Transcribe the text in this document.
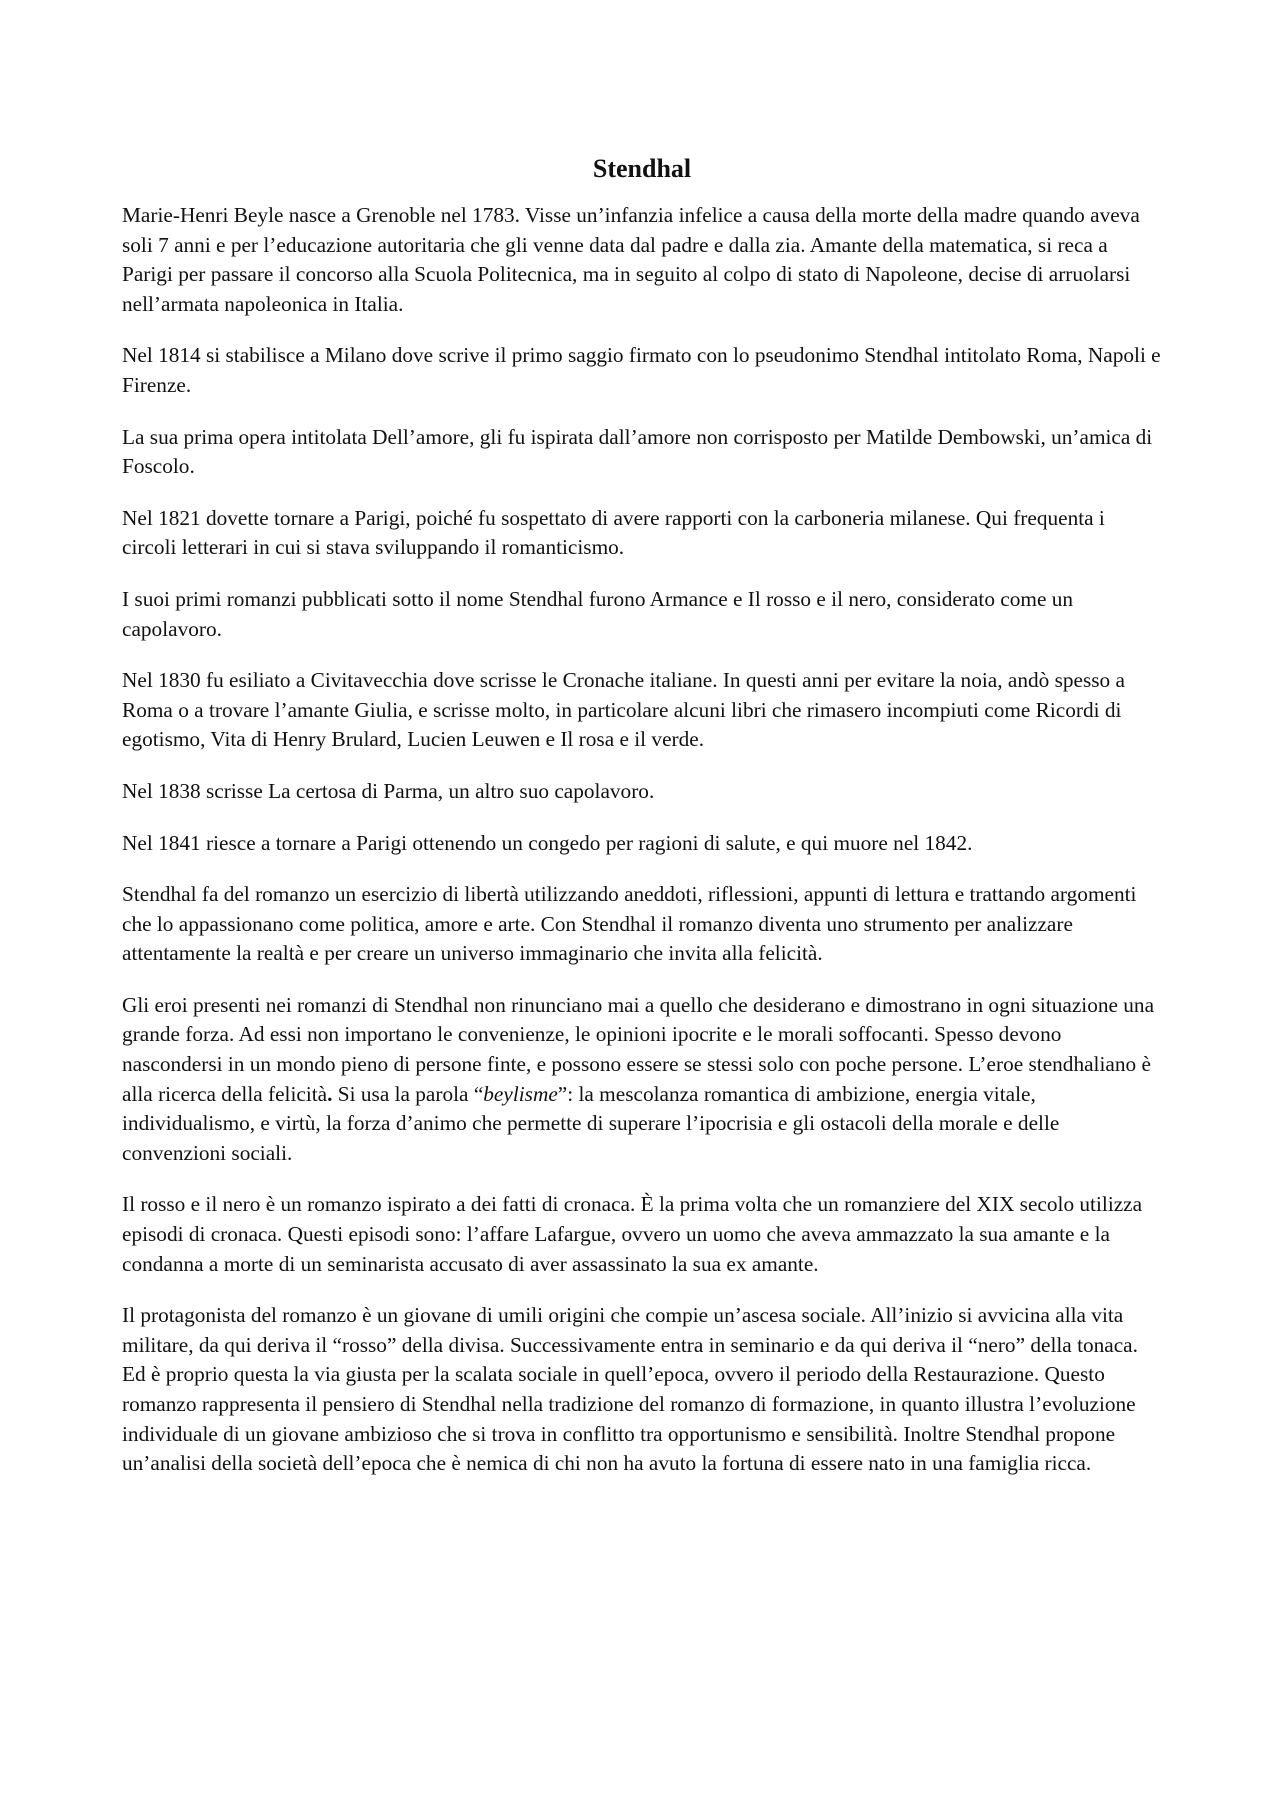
Stendhal

Marie-Henri Beyle nasce a Grenoble nel 1783. Visse un’infanzia infelice a causa della morte della madre quando aveva soli 7 anni e per l’educazione autoritaria che gli venne data dal padre e dalla zia. Amante della matematica, si reca a Parigi per passare il concorso alla Scuola Politecnica, ma in seguito al colpo di stato di Napoleone, decise di arruolarsi nell’armata napoleonica in Italia.

Nel 1814 si stabilisce a Milano dove scrive il primo saggio firmato con lo pseudonimo Stendhal intitolato Roma, Napoli e Firenze.

La sua prima opera intitolata Dell’amore, gli fu ispirata dall’amore non corrisposto per Matilde Dembowski, un’amica di Foscolo.

Nel 1821 dovette tornare a Parigi, poiché fu sospettato di avere rapporti con la carboneria milanese. Qui frequenta i circoli letterari in cui si stava sviluppando il romanticismo.

I suoi primi romanzi pubblicati sotto il nome Stendhal furono Armance e Il rosso e il nero, considerato come un capolavoro.

Nel 1830 fu esiliato a Civitavecchia dove scrisse le Cronache italiane. In questi anni per evitare la noia, andò spesso a Roma o a trovare l’amante Giulia, e scrisse molto, in particolare alcuni libri che rimasero incompiuti come Ricordi di egotismo, Vita di Henry Brulard, Lucien Leuwen e Il rosa e il verde.

Nel 1838 scrisse La certosa di Parma, un altro suo capolavoro.

Nel 1841 riesce a tornare a Parigi ottenendo un congedo per ragioni di salute, e qui muore nel 1842.

Stendhal fa del romanzo un esercizio di libertà utilizzando aneddoti, riflessioni, appunti di lettura e trattando argomenti che lo appassionano come politica, amore e arte. Con Stendhal il romanzo diventa uno strumento per analizzare attentamente la realtà e per creare un universo immaginario che invita alla felicità.

Gli eroi presenti nei romanzi di Stendhal non rinunciano mai a quello che desiderano e dimostrano in ogni situazione una grande forza. Ad essi non importano le convenienze, le opinioni ipocrite e le morali soffocanti. Spesso devono nascondersi in un mondo pieno di persone finte, e possono essere se stessi solo con poche persone. L’eroe stendhaliano è alla ricerca della felicità. Si usa la parola “beylisme”: la mescolanza romantica di ambizione, energia vitale, individualismo, e virtù, la forza d’animo che permette di superare l’ipocrisia e gli ostacoli della morale e delle convenzioni sociali.

Il rosso e il nero è un romanzo ispirato a dei fatti di cronaca. È la prima volta che un romanziere del XIX secolo utilizza episodi di cronaca. Questi episodi sono: l’affare Lafargue, ovvero un uomo che aveva ammazzato la sua amante e la condanna a morte di un seminarista accusato di aver assassinato la sua ex amante.

Il protagonista del romanzo è un giovane di umili origini che compie un’ascesa sociale. All’inizio si avvicina alla vita militare, da qui deriva il “rosso” della divisa. Successivamente entra in seminario e da qui deriva il “nero” della tonaca. Ed è proprio questa la via giusta per la scalata sociale in quell’epoca, ovvero il periodo della Restaurazione. Questo romanzo rappresenta il pensiero di Stendhal nella tradizione del romanzo di formazione, in quanto illustra l’evoluzione individuale di un giovane ambizioso che si trova in conflitto tra opportunismo e sensibilità. Inoltre Stendhal propone un’analisi della società dell’epoca che è nemica di chi non ha avuto la fortuna di essere nato in una famiglia ricca.
